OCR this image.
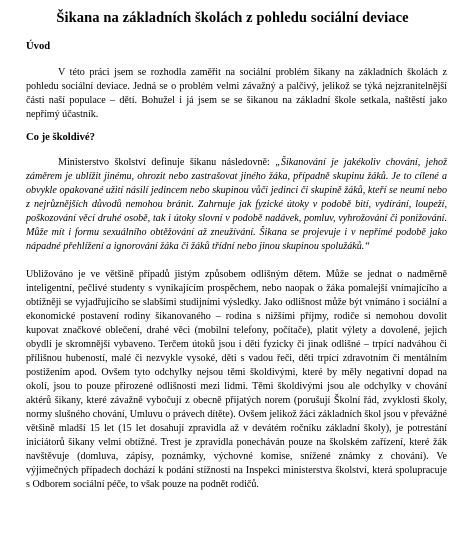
Šikana na základních školách z pohledu sociální deviace
Úvod

V této práci jsem se rozhodla zaměřit na sociální problém šikany na základních školách z pohledu sociální deviace. Jedná se o problém velmi závažný a palčivý, jelikož se týká nejzranitelnější části naší populace – dětí. Bohužel i já jsem se se šikanou na základní škole setkala, naštěstí jako nepřímý účastník.

Co je školdivé?

Ministerstvo školství definuje šikanu následovně: „Šikanování je jakékoliv chování, jehož záměrem je ublížit jinému, ohrozit nebo zastrašovat jiného žáka, případně skupinu žáků. Je to cílené a obvykle opakované užití násilí jedincem nebo skupinou vůči jedinci či skupině žáků, kteří se neumí nebo z nejrůznějších důvodů nemohou bránit. Zahrnuje jak fyzické útoky v podobě bití, vydírání, loupeží, poškozování věcí druhé osobě, tak i útoky slovní v podobě nadávek, pomluv, vyhrožování či ponižování. Může mít i formu sexuálního obtěžování až zneužívání. Šikana se projevuje i v nepřímé podobě jako nápadné přehlížení a ignorování žáka či žáků třídní nebo jinou skupinou spolužáků.“

Ubližováno je ve většině případů jistým způsobem odlišným dětem. Může se jednat o nadměrně inteligentní, pečlivé studenty s vynikajícím prospěchem, nebo naopak o žáka pomalejší vnímajícího a obtížněji se vyjadřujícího se slabšími studijními výsledky. Jako odlišnost může být vnímáno i sociální a ekonomické postavení rodiny šikanovaného – rodina s nižšími příjmy, rodiče si nemohou dovolit kupovat značkové oblečení, drahé věci (mobilní telefony, počítače), platit výlety a dovolené, jejich obydlí je skromnější vybaveno. Terčem útoků jsou i děti fyzicky či jinak odlišné – trpící nadváhou či přílišnou hubeností, malé či nezvykle vysoké, děti s vadou řeči, děti trpící zdravotním či mentálním postižením apod. Ovšem tyto odchylky nejsou těmi školdivými, které by měly negativní dopad na okolí, jsou to pouze přirozené odlišnosti mezi lidmi. Těmi školdivými jsou ale odchylky v chování aktérů šikany, které závažně vybočují z obecně přijatých norem (porušují Školní řád, zvyklosti školy, normy slušného chování, Umluvu o právech dítěte). Ovšem jelikož žáci základních škol jsou v převážné většině mladší 15 let (15 let dosahují zpravidla až v devátém ročníku základní školy), je potrestání iniciátorů šikany velmi obtížné. Trest je zpravidla ponecháván pouze na školském zařízení, které žák navštěvuje (domluva, zápisy, poznámky, výchovné komise, snížené známky z chování). Ve výjimečných případech dochází k podání stížnosti na Inspekci ministerstva školství, která spolupracuje s Odborem sociální péče, to však pouze na podnět rodičů.
